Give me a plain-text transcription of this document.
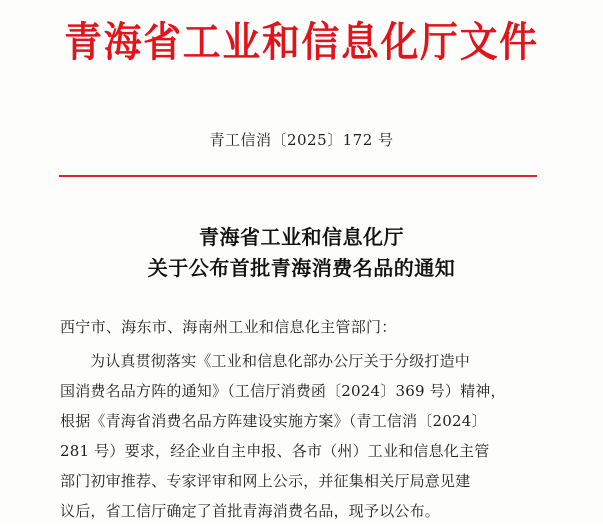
青海省工业和信息化厅文件
青工信消〔2025〕172 号
青海省工业和信息化厅
关于公布首批青海消费名品的通知
西宁市、海东市、海南州工业和信息化主管部门：
为认真贯彻落实《工业和信息化部办公厅关于分级打造中
国消费名品方阵的通知》（工信厅消费函〔2024〕369 号）精神，
根据《青海省消费名品方阵建设实施方案》（青工信消〔2024〕
281 号）要求，经企业自主申报、各市（州）工业和信息化主管
部门初审推荐、专家评审和网上公示，并征集相关厅局意见建
议后，省工信厅确定了首批青海消费名品，现予以公布。
